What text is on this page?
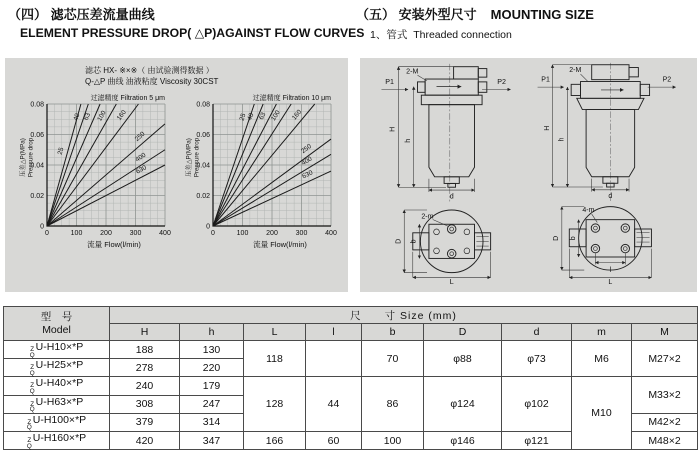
（四） 滤芯压差流量曲线
ELEMENT PRESSURE DROP( △P)AGAINST FLOW CURVES
（五） 安装外型尺寸 MOUNTING SIZE
1、管式 Threaded connection
滤芯 HX- ※×※（ 由试验测得数据 ）
Q-△P 曲线 油液粘度 Viscosity 30CST
压差△P(MPa) Pressure drop
0
0.02
0.04
0.06
0.08
0	100	200	300	400
过滤精度 Filtration 5 μm
流量 Flow(l/min)
25
40 63 100 160
250
400
630	压差△P(MPa) Pressure drop
0
0.02
0.04
0.06
0.08
0	100	200	300	400
过滤精度 Filtration 10 μm
流量 Flow(l/min)
25
40 63 100 160
250
400
630
P1	P2
2-M
H
h
d
2-m
D b
L
P1	P2
2-M
H
h
d
4-m
D b
l
L
型　号
Model	尺　　寸 Size (mm)								
	H	h	L	l	b	D	d	m	M

Z
Q
U-H10×*P	188	130	118		70	φ88	φ73	M6	M27×2

Z
Q
U-H25×*P	278	220							

Z
Q
U-H40×*P	240	179	128	44	86	φ124	φ102	M10	M33×2

Z
Q
U-H63×*P	308	247							

Z
Q
U-H100×*P	379	314							M42×2

Z
Q
U-H160×*P	420	347	166	60	100	φ146	φ121		M48×2
